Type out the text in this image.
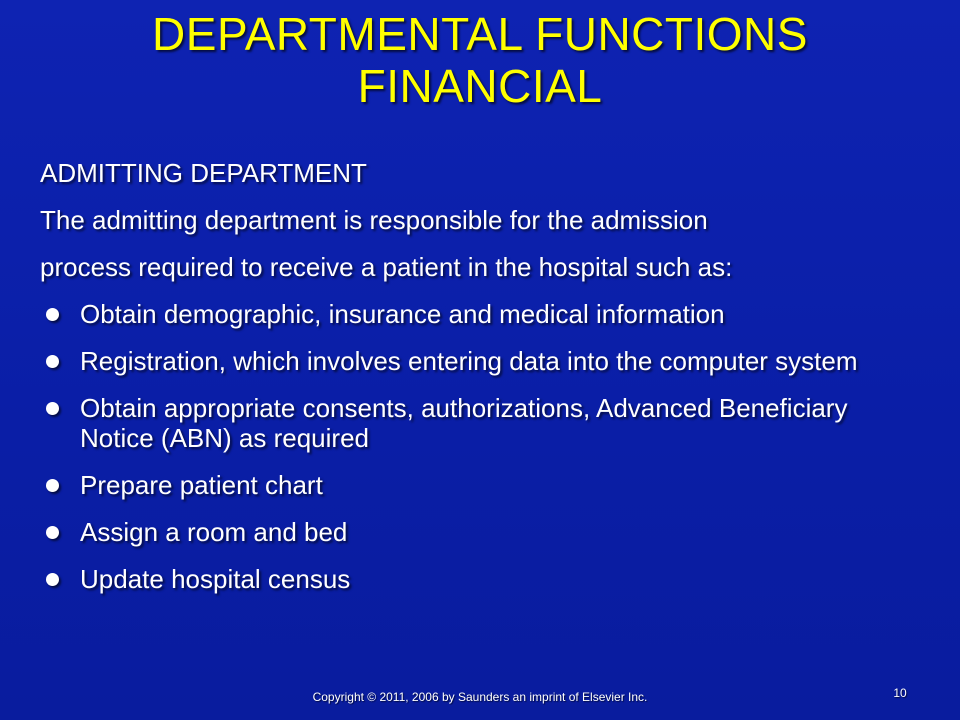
DEPARTMENTAL FUNCTIONS
FINANCIAL
ADMITTING DEPARTMENT
The admitting department is responsible for the admission
process required to receive a patient in the hospital such as:
Obtain demographic, insurance and medical information
Registration, which involves entering data into the computer system
Obtain appropriate consents, authorizations, Advanced Beneficiary Notice (ABN) as required
Prepare patient chart
Assign a room and bed
Update hospital census
Copyright © 2011, 2006 by Saunders an imprint of Elsevier Inc.	10
